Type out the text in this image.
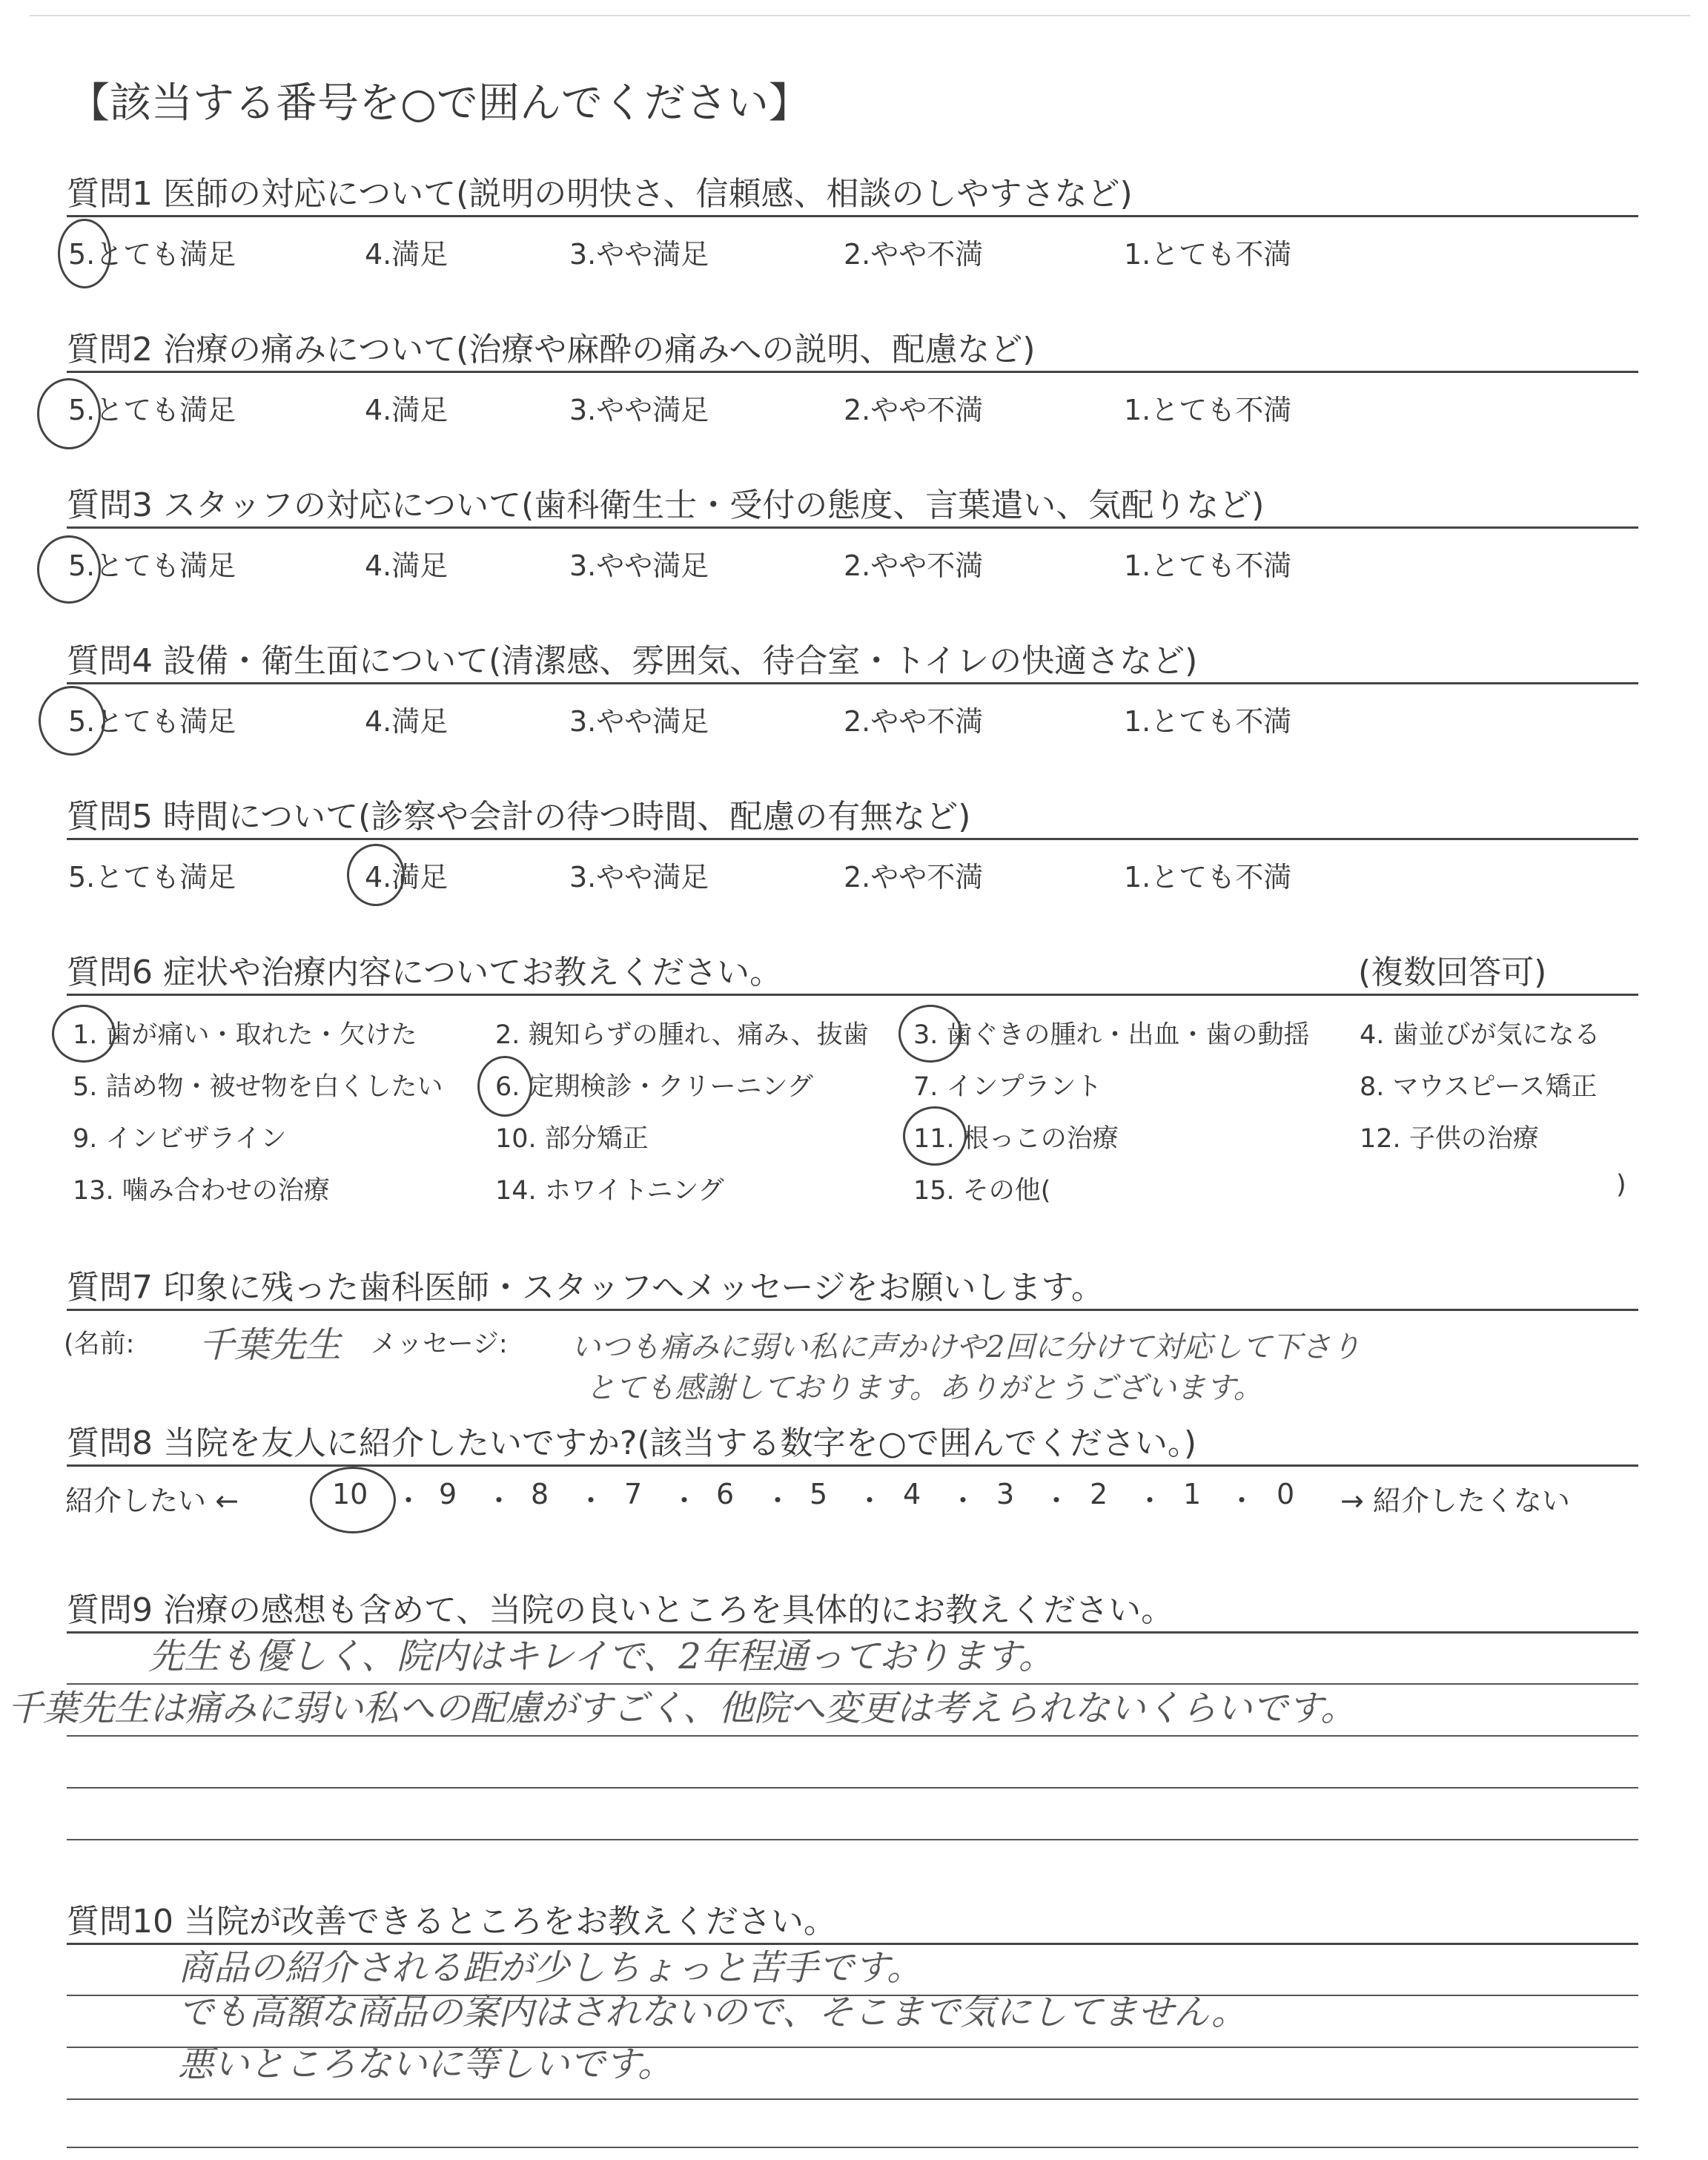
【該当する番号を○で囲んでください】
質問1 医師の対応について(説明の明快さ、信頼感、相談のしやすさなど)
5.とても満足	4.満足	3.やや満足	2.やや不満	1.とても不満
質問2 治療の痛みについて(治療や麻酔の痛みへの説明、配慮など)
5.とても満足	4.満足	3.やや満足	2.やや不満	1.とても不満
質問3 スタッフの対応について(歯科衛生士・受付の態度、言葉遣い、気配りなど)
5.とても満足	4.満足	3.やや満足	2.やや不満	1.とても不満
質問4 設備・衛生面について(清潔感、雰囲気、待合室・トイレの快適さなど)
5.とても満足	4.満足	3.やや満足	2.やや不満	1.とても不満
質問5 時間について(診察や会計の待つ時間、配慮の有無など)
5.とても満足	4.満足	3.やや満足	2.やや不満	1.とても不満
質問6 症状や治療内容についてお教えください。	(複数回答可)
1. 歯が痛い・取れた・欠けた	2. 親知らずの腫れ、痛み、抜歯 3. 歯ぐきの腫れ・出血・歯の動揺 4. 歯並びが気になる
5. 詰め物・被せ物を白くしたい 6. 定期検診・クリーニング	7. インプラント	8. マウスピース矯正
9. インビザライン	10. 部分矯正	11. 根っこの治療	12. 子供の治療
13. 噛み合わせの治療	14. ホワイトニング	15. その他(	)
質問7 印象に残った歯科医師・スタッフへメッセージをお願いします。
(名前: 千葉先生 メッセージ: いつも痛みに弱い私に声かけや2回に分けて対応して下さり
とても感謝しております。ありがとうございます。
質問8 当院を友人に紹介したいですか?(該当する数字を○で囲んでください。)
紹介したい ←	10 ・ 9 ・ 8 ・ 7 ・ 6 ・ 5 ・ 4 ・ 3 ・ 2 ・ 1 ・ 0 → 紹介したくない
質問9 治療の感想も含めて、当院の良いところを具体的にお教えください。
先生も優しく、院内はキレイで、2年程通っております。
千葉先生は痛みに弱い私への配慮がすごく、他院へ変更は考えられないくらいです。
質問10 当院が改善できるところをお教えください。
商品の紹介される距が少しちょっと苦手です。
でも高額な商品の案内はされないので、そこまで気にしてません。
悪いところないに等しいです。
